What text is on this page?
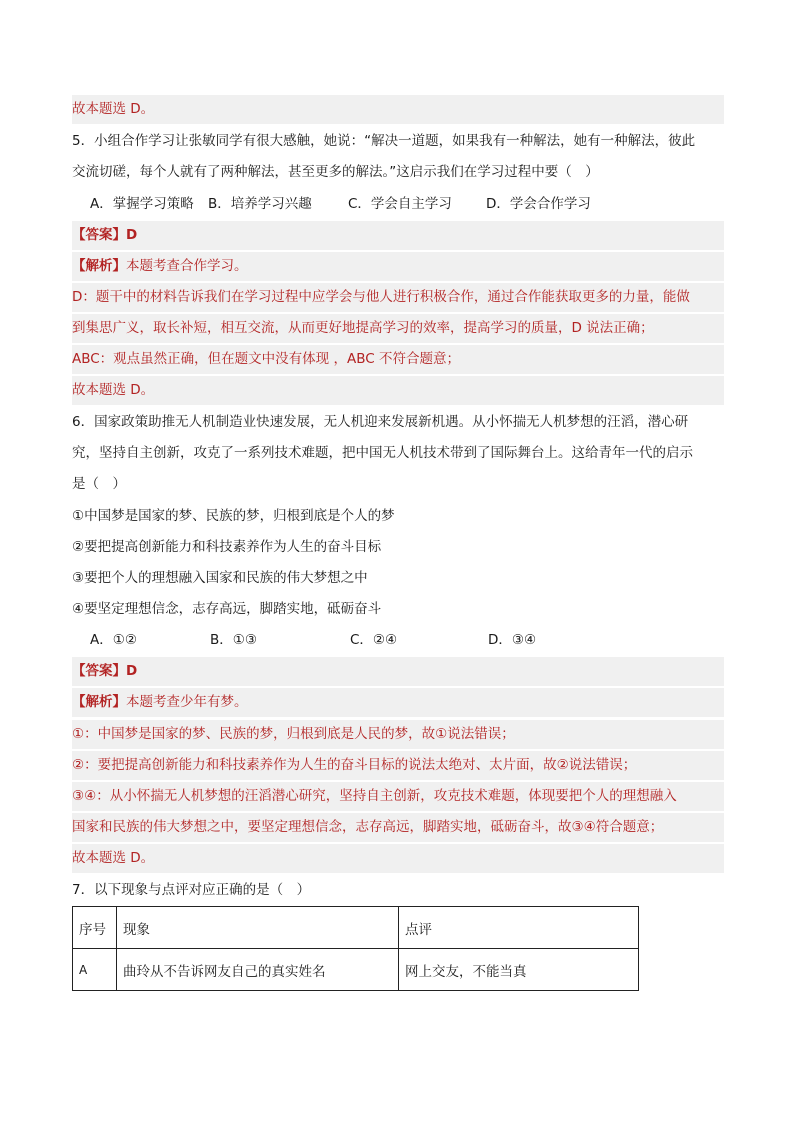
故本题选 D。
5．小组合作学习让张敏同学有很大感触，她说：“解决一道题，如果我有一种解法，她有一种解法，彼此
交流切磋，每个人就有了两种解法，甚至更多的解法。”这启示我们在学习过程中要（　）
A．掌握学习策略 B．培养学习兴趣	C．学会自主学习	D．学会合作学习
【答案】D
【解析】本题考查合作学习。
D：题干中的材料告诉我们在学习过程中应学会与他人进行积极合作，通过合作能获取更多的力量，能做
到集思广义，取长补短，相互交流，从而更好地提高学习的效率，提高学习的质量，D 说法正确；
ABC：观点虽然正确，但在题文中没有体现 ，ABC 不符合题意；
故本题选 D。
6．国家政策助推无人机制造业快速发展，无人机迎来发展新机遇。从小怀揣无人机梦想的汪滔，潜心研
究，坚持自主创新，攻克了一系列技术难题，把中国无人机技术带到了国际舞台上。这给青年一代的启示
是（　）
①中国梦是国家的梦、民族的梦，归根到底是个人的梦
②要把提高创新能力和科技素养作为人生的奋斗目标
③要把个人的理想融入国家和民族的伟大梦想之中
④要坚定理想信念，志存高远，脚踏实地，砥砺奋斗
A．①②	B．①③	C．②④	D．③④
【答案】D
【解析】本题考查少年有梦。
①：中国梦是国家的梦、民族的梦，归根到底是人民的梦，故①说法错误；
②：要把提高创新能力和科技素养作为人生的奋斗目标的说法太绝对、太片面，故②说法错误；
③④：从小怀揣无人机梦想的汪滔潜心研究，坚持自主创新，攻克技术难题，体现要把个人的理想融入
国家和民族的伟大梦想之中，要坚定理想信念，志存高远，脚踏实地，砥砺奋斗，故③④符合题意；
故本题选 D。
7．以下现象与点评对应正确的是（　）
序号	现象	点评
A	曲玲从不告诉网友自己的真实姓名	网上交友，不能当真
